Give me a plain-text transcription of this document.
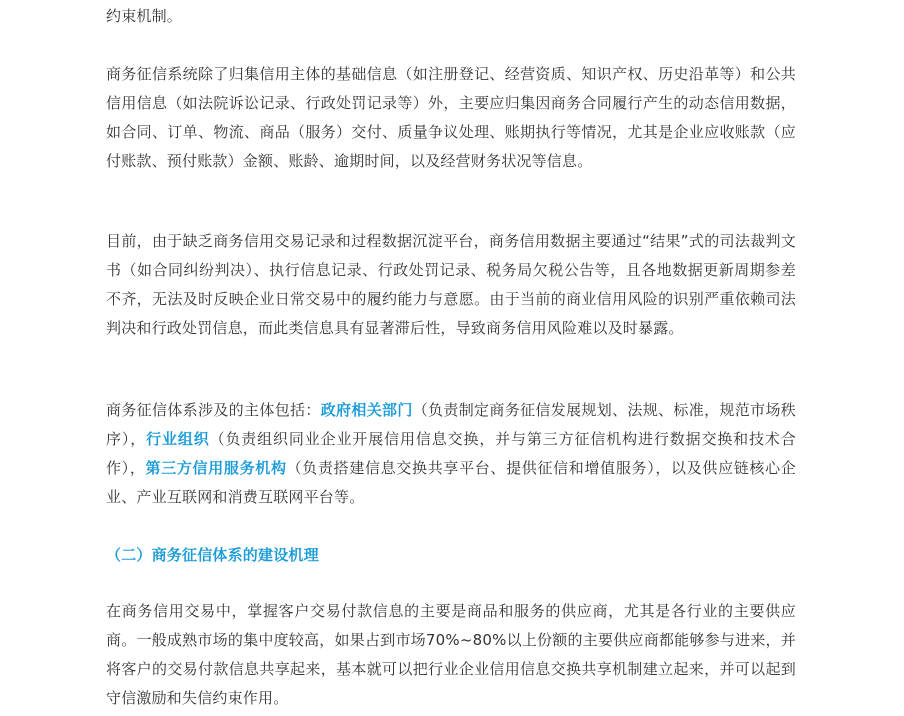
约束机制。

商务征信系统除了归集信用主体的基础信息（如注册登记、经营资质、知识产权、历史沿革等）和公共信用信息（如法院诉讼记录、行政处罚记录等）外，主要应归集因商务合同履行产生的动态信用数据，如合同、订单、物流、商品（服务）交付、质量争议处理、账期执行等情况，尤其是企业应收账款（应付账款、预付账款）金额、账龄、逾期时间，以及经营财务状况等信息。

目前，由于缺乏商务信用交易记录和过程数据沉淀平台，商务信用数据主要通过“结果”式的司法裁判文书（如合同纠纷判决）、执行信息记录、行政处罚记录、税务局欠税公告等，且各地数据更新周期参差不齐，无法及时反映企业日常交易中的履约能力与意愿。由于当前的商业信用风险的识别严重依赖司法判决和行政处罚信息，而此类信息具有显著滞后性，导致商务信用风险难以及时暴露。

商务征信体系涉及的主体包括：政府相关部门（负责制定商务征信发展规划、法规、标准，规范市场秩序），行业组织（负责组织同业企业开展信用信息交换，并与第三方征信机构进行数据交换和技术合作），第三方信用服务机构（负责搭建信息交换共享平台、提供征信和增值服务），以及供应链核心企业、产业互联网和消费互联网平台等。

（二）商务征信体系的建设机理

在商务信用交易中，掌握客户交易付款信息的主要是商品和服务的供应商，尤其是各行业的主要供应商。一般成熟市场的集中度较高，如果占到市场70%~80%以上份额的主要供应商都能够参与进来，并将客户的交易付款信息共享起来，基本就可以把行业企业信用信息交换共享机制建立起来，并可以起到守信激励和失信约束作用。
